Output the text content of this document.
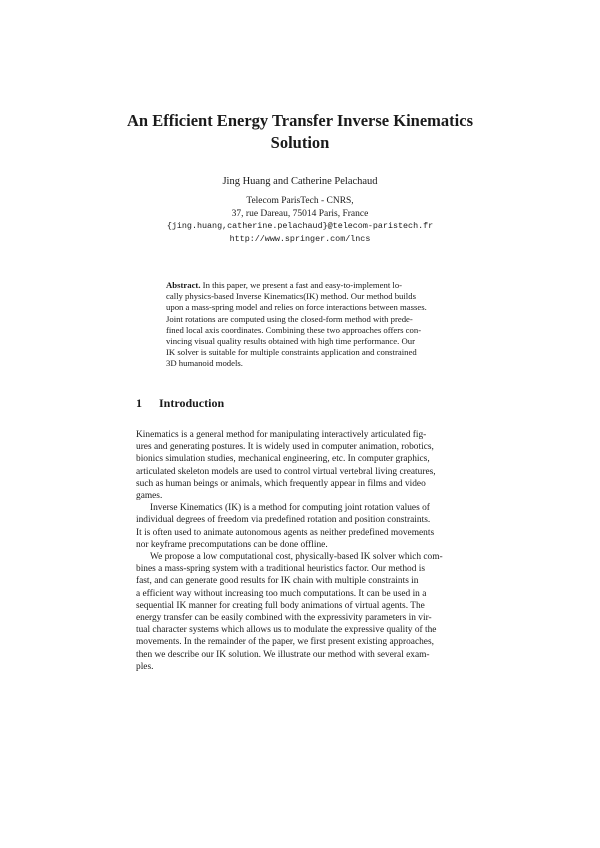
An Efficient Energy Transfer Inverse Kinematics
Solution
Jing Huang and Catherine Pelachaud
Telecom ParisTech - CNRS,
37, rue Dareau, 75014 Paris, France
{jing.huang,catherine.pelachaud}@telecom-paristech.fr
http://www.springer.com/lncs
Abstract. In this paper, we present a fast and easy-to-implement lo-
cally physics-based Inverse Kinematics(IK) method. Our method builds
upon a mass-spring model and relies on force interactions between masses.
Joint rotations are computed using the closed-form method with prede-
fined local axis coordinates. Combining these two approaches offers con-
vincing visual quality results obtained with high time performance. Our
IK solver is suitable for multiple constraints application and constrained
3D humanoid models.
1 Introduction
Kinematics is a general method for manipulating interactively articulated fig-
ures and generating postures. It is widely used in computer animation, robotics,
bionics simulation studies, mechanical engineering, etc. In computer graphics,
articulated skeleton models are used to control virtual vertebral living creatures,
such as human beings or animals, which frequently appear in films and video
games.
Inverse Kinematics (IK) is a method for computing joint rotation values of
individual degrees of freedom via predefined rotation and position constraints.
It is often used to animate autonomous agents as neither predefined movements
nor keyframe precomputations can be done offline.
We propose a low computational cost, physically-based IK solver which com-
bines a mass-spring system with a traditional heuristics factor. Our method is
fast, and can generate good results for IK chain with multiple constraints in
a efficient way without increasing too much computations. It can be used in a
sequential IK manner for creating full body animations of virtual agents. The
energy transfer can be easily combined with the expressivity parameters in vir-
tual character systems which allows us to modulate the expressive quality of the
movements. In the remainder of the paper, we first present existing approaches,
then we describe our IK solution. We illustrate our method with several exam-
ples.
